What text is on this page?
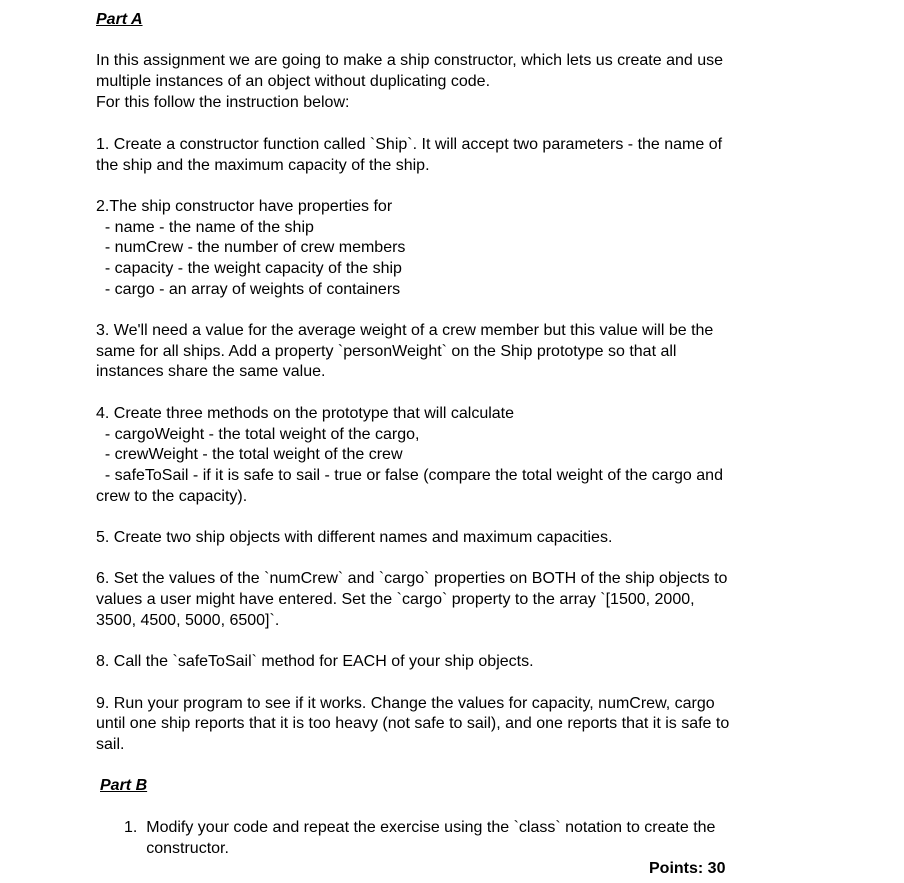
Part A
In this assignment we are going to make a ship constructor, which lets us create and use
multiple instances of an object without duplicating code.
For this follow the instruction below:
1. Create a constructor function called `Ship`. It will accept two parameters - the name of
the ship and the maximum capacity of the ship.
2.The ship constructor have properties for
- name - the name of the ship
- numCrew - the number of crew members
- capacity - the weight capacity of the ship
- cargo - an array of weights of containers
3. We'll need a value for the average weight of a crew member but this value will be the
same for all ships. Add a property `personWeight` on the Ship prototype so that all
instances share the same value.
4. Create three methods on the prototype that will calculate
- cargoWeight - the total weight of the cargo,
- crewWeight - the total weight of the crew
- safeToSail - if it is safe to sail - true or false (compare the total weight of the cargo and
crew to the capacity).
5. Create two ship objects with different names and maximum capacities.
6. Set the values of the `numCrew` and `cargo` properties on BOTH of the ship objects to
values a user might have entered. Set the `cargo` property to the array `[1500, 2000,
3500, 4500, 5000, 6500]`.
8. Call the `safeToSail` method for EACH of your ship objects.
9. Run your program to see if it works. Change the values for capacity, numCrew, cargo
until one ship reports that it is too heavy (not safe to sail), and one reports that it is safe to
sail.
Part B
1.  Modify your code and repeat the exercise using the `class` notation to create the
constructor.
Points: 30
